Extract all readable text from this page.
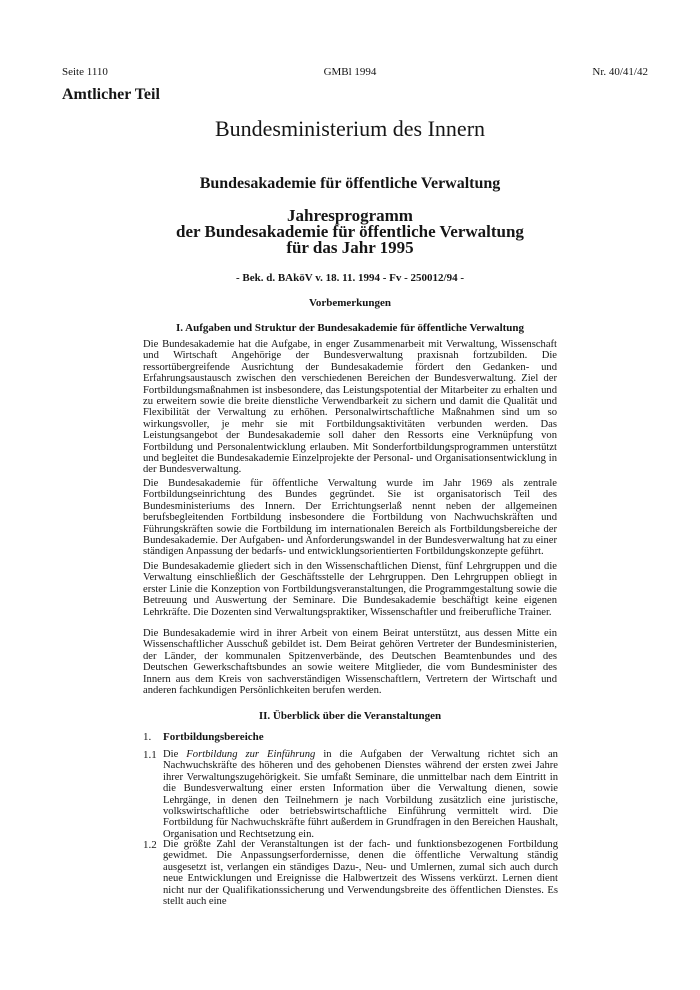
Seite 1110	GMBl 1994	Nr. 40/41/42
Amtlicher Teil
Bundesministerium des Innern
Bundesakademie für öffentliche Verwaltung
Jahresprogramm
der Bundesakademie für öffentliche Verwaltung
für das Jahr 1995
- Bek. d. BAköV v. 18. 11. 1994 - Fv - 250012/94 -
Vorbemerkungen
I. Aufgaben und Struktur der Bundesakademie für öffentliche Verwaltung

Die Bundesakademie hat die Aufgabe, in enger Zusammenarbeit mit Verwaltung, Wissenschaft und Wirtschaft Angehörige der Bundesverwaltung praxisnah fortzubilden. Die ressortübergreifende Ausrichtung der Bundesakademie fördert den Gedanken- und Erfahrungsaustausch zwischen den verschiedenen Bereichen der Bundesverwaltung. Ziel der Fortbildungsmaßnahmen ist insbesondere, das Leistungspotential der Mitarbeiter zu erhalten und zu erweitern sowie die breite dienstliche Verwendbarkeit zu sichern und damit die Qualität und Flexibilität der Verwaltung zu erhöhen. Personalwirtschaftliche Maßnahmen sind um so wirkungsvoller, je mehr sie mit Fortbildungsaktivitäten verbunden werden. Das Leistungsangebot der Bundesakademie soll daher den Ressorts eine Verknüpfung von Fortbildung und Personalentwicklung erlauben. Mit Sonderfortbildungsprogrammen unterstützt und begleitet die Bundesakademie Einzelprojekte der Personal- und Organisationsentwicklung in der Bundesverwaltung.

Die Bundesakademie für öffentliche Verwaltung wurde im Jahr 1969 als zentrale Fortbildungseinrichtung des Bundes gegründet. Sie ist organisatorisch Teil des Bundesministeriums des Innern. Der Errichtungserlaß nennt neben der allgemeinen berufsbegleitenden Fortbildung insbesondere die Fortbildung von Nachwuchskräften und Führungskräften sowie die Fortbildung im internationalen Bereich als Fortbildungsbereiche der Bundesakademie. Der Aufgaben- und Anforderungswandel in der Bundesverwaltung hat zu einer ständigen Anpassung der bedarfs- und entwicklungsorientierten Fortbildungskonzepte geführt.

Die Bundesakademie gliedert sich in den Wissenschaftlichen Dienst, fünf Lehrgruppen und die Verwaltung einschließlich der Geschäftsstelle der Lehrgruppen. Den Lehrgruppen obliegt in erster Linie die Konzeption von Fortbildungsveranstaltungen, die Programmgestaltung sowie die Betreuung und Auswertung der Seminare. Die Bundesakademie beschäftigt keine eigenen Lehrkräfte. Die Dozenten sind Verwaltungspraktiker, Wissenschaftler und freiberufliche Trainer.

Die Bundesakademie wird in ihrer Arbeit von einem Beirat unterstützt, aus dessen Mitte ein Wissenschaftlicher Ausschuß gebildet ist. Dem Beirat gehören Vertreter der Bundesministerien, der Länder, der kommunalen Spitzenverbände, des Deutschen Beamtenbundes und des Deutschen Gewerkschaftsbundes an sowie weitere Mitglieder, die vom Bundesminister des Innern aus dem Kreis von sachverständigen Wissenschaftlern, Vertretern der Wirtschaft und anderen fachkundigen Persönlichkeiten berufen werden.

II. Überblick über die Veranstaltungen
1. Fortbildungsbereiche
1.1 Die Fortbildung zur Einführung in die Aufgaben der Verwaltung richtet sich an Nachwuchskräfte des höheren und des gehobenen Dienstes während der ersten zwei Jahre ihrer Verwaltungszugehörigkeit. Sie umfaßt Seminare, die unmittelbar nach dem Eintritt in die Bundesverwaltung einer ersten Information über die Verwaltung dienen, sowie Lehrgänge, in denen den Teilnehmern je nach Vorbildung zusätzlich eine juristische, volkswirtschaftliche oder betriebswirtschaftliche Einführung vermittelt wird. Die Fortbildung für Nachwuchskräfte führt außerdem in Grundfragen in den Bereichen Haushalt, Organisation und Rechtsetzung ein.

1.2 Die größte Zahl der Veranstaltungen ist der fach- und funktionsbezogenen Fortbildung gewidmet. Die Anpassungserfordernisse, denen die öffentliche Verwaltung ständig ausgesetzt ist, verlangen ein ständiges Dazu-, Neu- und Umlernen, zumal sich auch durch neue Entwicklungen und Ereignisse die Halbwertzeit des Wissens verkürzt. Lernen dient nicht nur der Qualifikationssicherung und Verwendungsbreite des öffentlichen Dienstes. Es stellt auch eine
